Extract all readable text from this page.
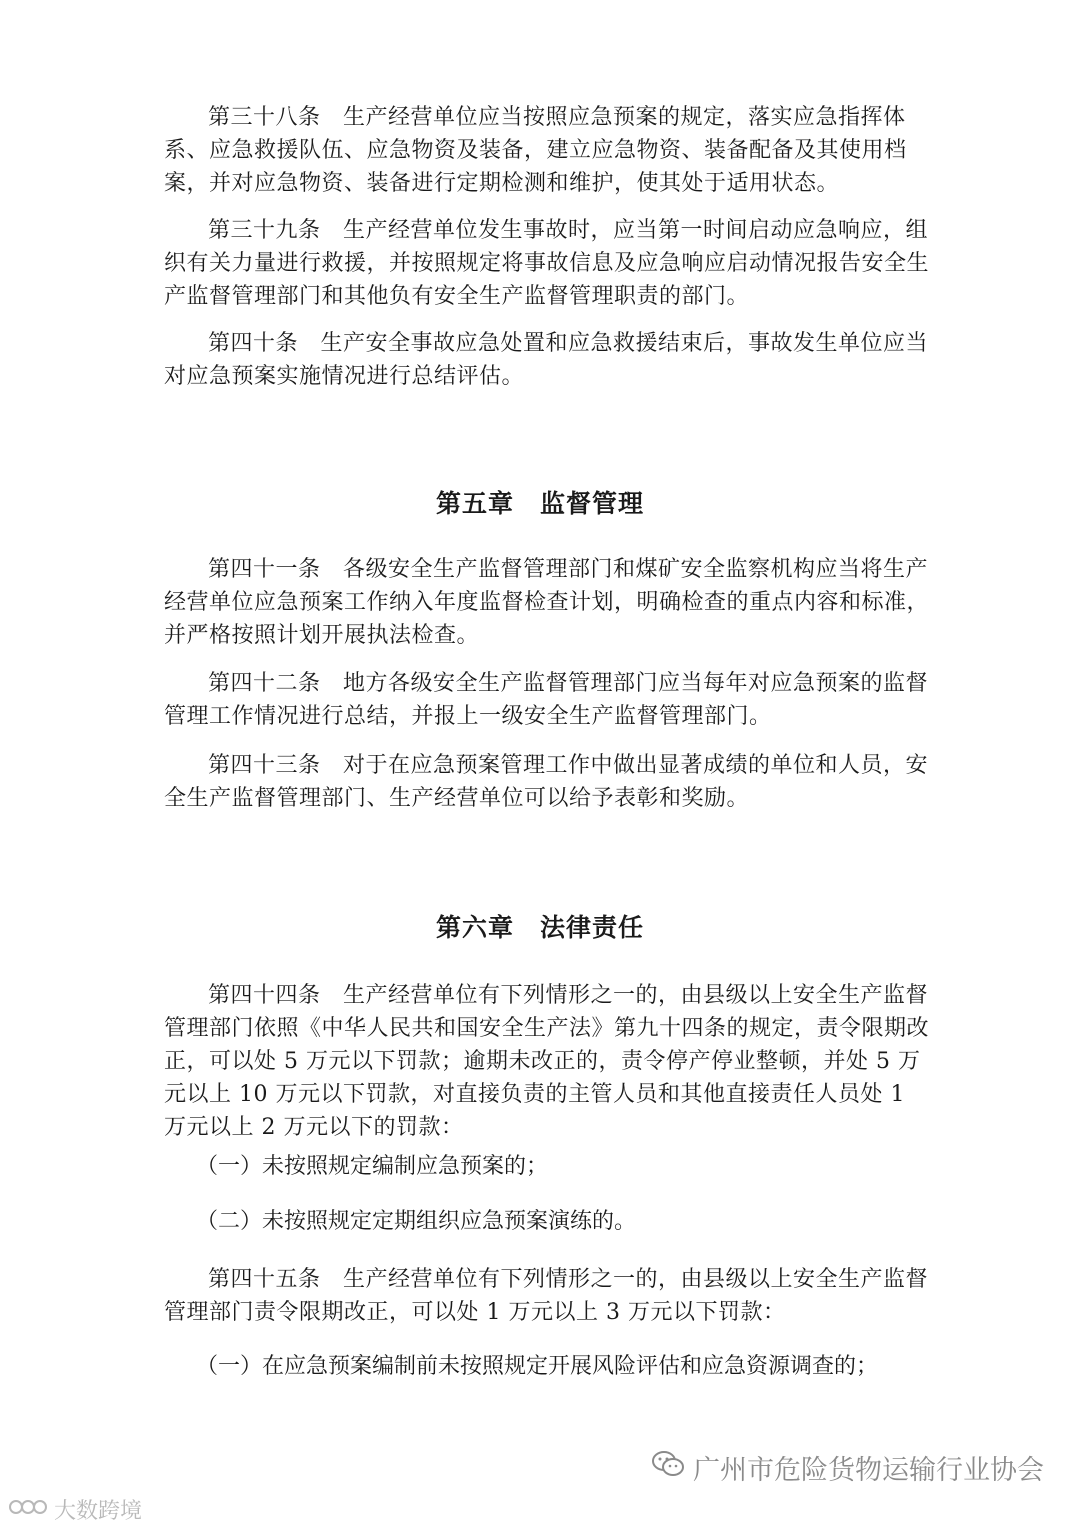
第三十八条　生产经营单位应当按照应急预案的规定，落实应急指挥体系、应急救援队伍、应急物资及装备，建立应急物资、装备配备及其使用档案，并对应急物资、装备进行定期检测和维护，使其处于适用状态。

第三十九条　生产经营单位发生事故时，应当第一时间启动应急响应，组织有关力量进行救援，并按照规定将事故信息及应急响应启动情况报告安全生产监督管理部门和其他负有安全生产监督管理职责的部门。

第四十条　生产安全事故应急处置和应急救援结束后，事故发生单位应当对应急预案实施情况进行总结评估。

第五章　监督管理

第四十一条　各级安全生产监督管理部门和煤矿安全监察机构应当将生产经营单位应急预案工作纳入年度监督检查计划，明确检查的重点内容和标准，并严格按照计划开展执法检查。

第四十二条　地方各级安全生产监督管理部门应当每年对应急预案的监督管理工作情况进行总结，并报上一级安全生产监督管理部门。

第四十三条　对于在应急预案管理工作中做出显著成绩的单位和人员，安全生产监督管理部门、生产经营单位可以给予表彰和奖励。

第六章　法律责任

第四十四条　生产经营单位有下列情形之一的，由县级以上安全生产监督管理部门依照《中华人民共和国安全生产法》第九十四条的规定，责令限期改正，可以处 5 万元以下罚款；逾期未改正的，责令停产停业整顿，并处 5 万元以上 10 万元以下罚款，对直接负责的主管人员和其他直接责任人员处 1 万元以上 2 万元以下的罚款：

（一）未按照规定编制应急预案的；

（二）未按照规定定期组织应急预案演练的。

第四十五条　生产经营单位有下列情形之一的，由县级以上安全生产监督管理部门责令限期改正，可以处 1 万元以上 3 万元以下罚款：

（一）在应急预案编制前未按照规定开展风险评估和应急资源调查的；

广州市危险货物运输行业协会
大数跨境
